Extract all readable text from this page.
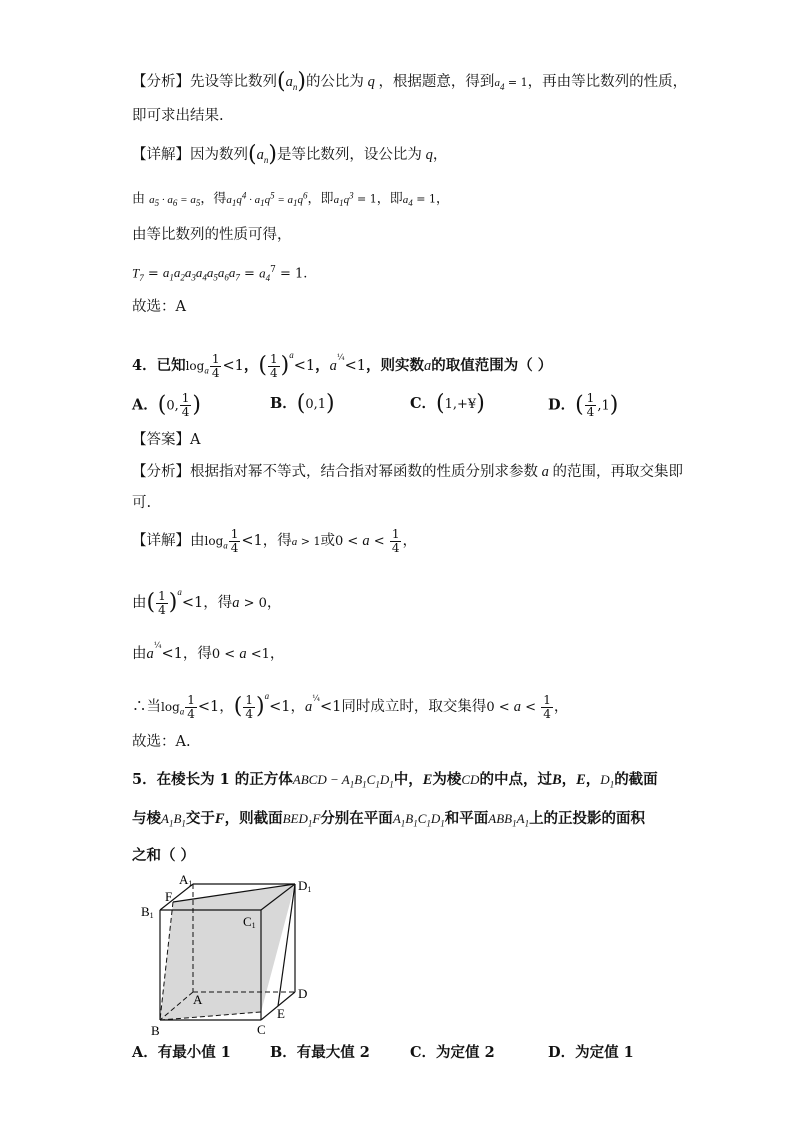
【分析】先设等比数列$(a_n)$的公比为 q ，根据题意，得到$a_4 = 1$，再由等比数列的性质，
即可求出结果.
【详解】因为数列$(a_n)$是等比数列，设公比为 q，
由 $a_5 \cdot a_6 = a_5$，得$a_1q^4 \cdot a_1q^5 = a_1q^6$，即$a_1q^3 = 1$，即$a_4 = 1$，
由等比数列的性质可得，
$T_7 = a_1a_2a_3a_4a_5a_6a_7 = a_4^7 = 1$.
故选：A
4．已知$\log_a \frac{1}{4} <1$，( $\frac{1}{4} )^a<1$，$a^{\frac{1}{4}}<1$，则实数a的取值范围为（ ）
A．(0, $\frac{1}{4}$ )	B．(0,1)	C．(1,+¥)	D．( $\frac{1}{4} ,1$)
【答案】A
【分析】根据指对幂不等式，结合指对幂函数的性质分别求参数 a 的范围，再取交集即
可.
【详解】由$\log_a \frac{1}{4} <1$，得a > 1或$0 < a < \frac{1}{4}$ ，
由( $\frac{1}{4} )^a<1$，得a > 0，
由$a^{\frac{1}{4}}<1$，得0 < a <1，
∴当$\log_a \frac{1}{4} <1$，( $\frac{1}{4} )^a<1$，$a^{\frac{1}{4}}<1$同时成立时，取交集得$0 < a < \frac{1}{4}$ ，
故选：A.
5．在棱长为 1 的正方体ABCD − $A_1B_1C_1D_1$中，E为棱CD的中点，过B，E，$D_1$的截面
与棱$A_1B_1$交于F，则截面$BED_1F$分别在平面$A_1B_1C_1D_1$和平面$ABB_1A_1$上的正投影的面积
之和（ ）
A1	D1
B1	C1
F
A	D
B	C
E
A．有最小值 1	B．有最大值 2	C．为定值 2	D．为定值 1
